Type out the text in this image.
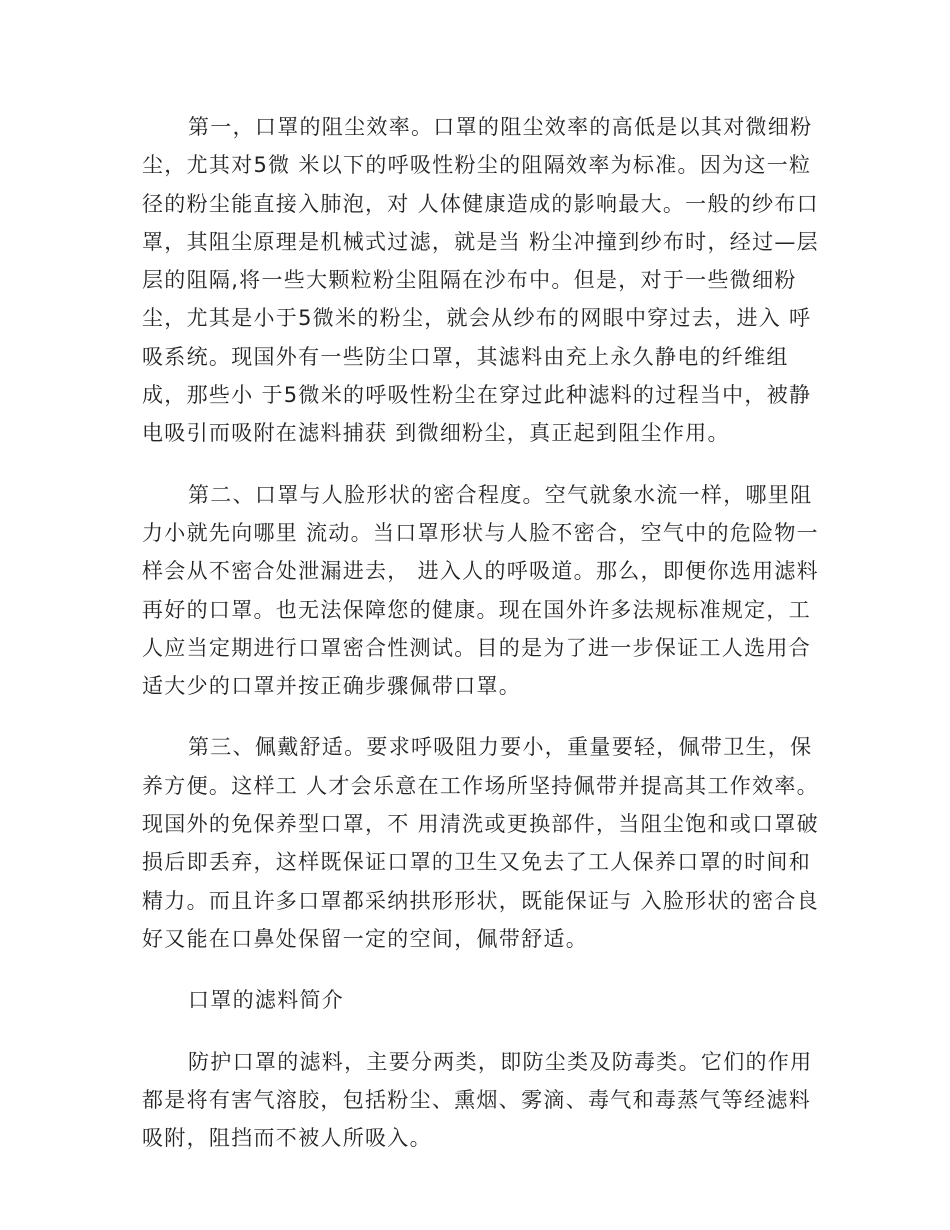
第一，口罩的阻尘效率。口罩的阻尘效率的高低是以其对微细粉
尘，尤其对5微 米以下的呼吸性粉尘的阻隔效率为标准。因为这一粒
径的粉尘能直接入肺泡，对 人体健康造成的影响最大。一般的纱布口
罩，其阻尘原理是机械式过滤，就是当 粉尘冲撞到纱布时，经过—层
层的阻隔,将一些大颗粒粉尘阻隔在沙布中。但是，对于一些微细粉
尘，尤其是小于5微米的粉尘，就会从纱布的网眼中穿过去，进入 呼
吸系统。现国外有一些防尘口罩，其滤料由充上永久静电的纤维组
成，那些小 于5微米的呼吸性粉尘在穿过此种滤料的过程当中，被静
电吸引而吸附在滤料捕获 到微细粉尘，真正起到阻尘作用。
第二、口罩与人脸形状的密合程度。空气就象水流一样，哪里阻
力小就先向哪里 流动。当口罩形状与人脸不密合，空气中的危险物一
样会从不密合处泄漏进去， 进入人的呼吸道。那么，即便你选用滤料
再好的口罩。也无法保障您的健康。现在国外许多法规标准规定，工
人应当定期进行口罩密合性测试。目的是为了进一步保证工人选用合
适大少的口罩并按正确步骤佩带口罩。
第三、佩戴舒适。要求呼吸阻力要小，重量要轻，佩带卫生，保
养方便。这样工 人才会乐意在工作场所坚持佩带并提高其工作效率。
现国外的免保养型口罩，不 用清洗或更换部件，当阻尘饱和或口罩破
损后即丢弃，这样既保证口罩的卫生又免去了工人保养口罩的时间和
精力。而且许多口罩都采纳拱形形状，既能保证与 入脸形状的密合良
好又能在口鼻处保留一定的空间，佩带舒适。
口罩的滤料简介
防护口罩的滤料，主要分两类，即防尘类及防毒类。它们的作用
都是将有害气溶胶，包括粉尘、熏烟、雾滴、毒气和毒蒸气等经滤料
吸附，阻挡而不被人所吸入。
